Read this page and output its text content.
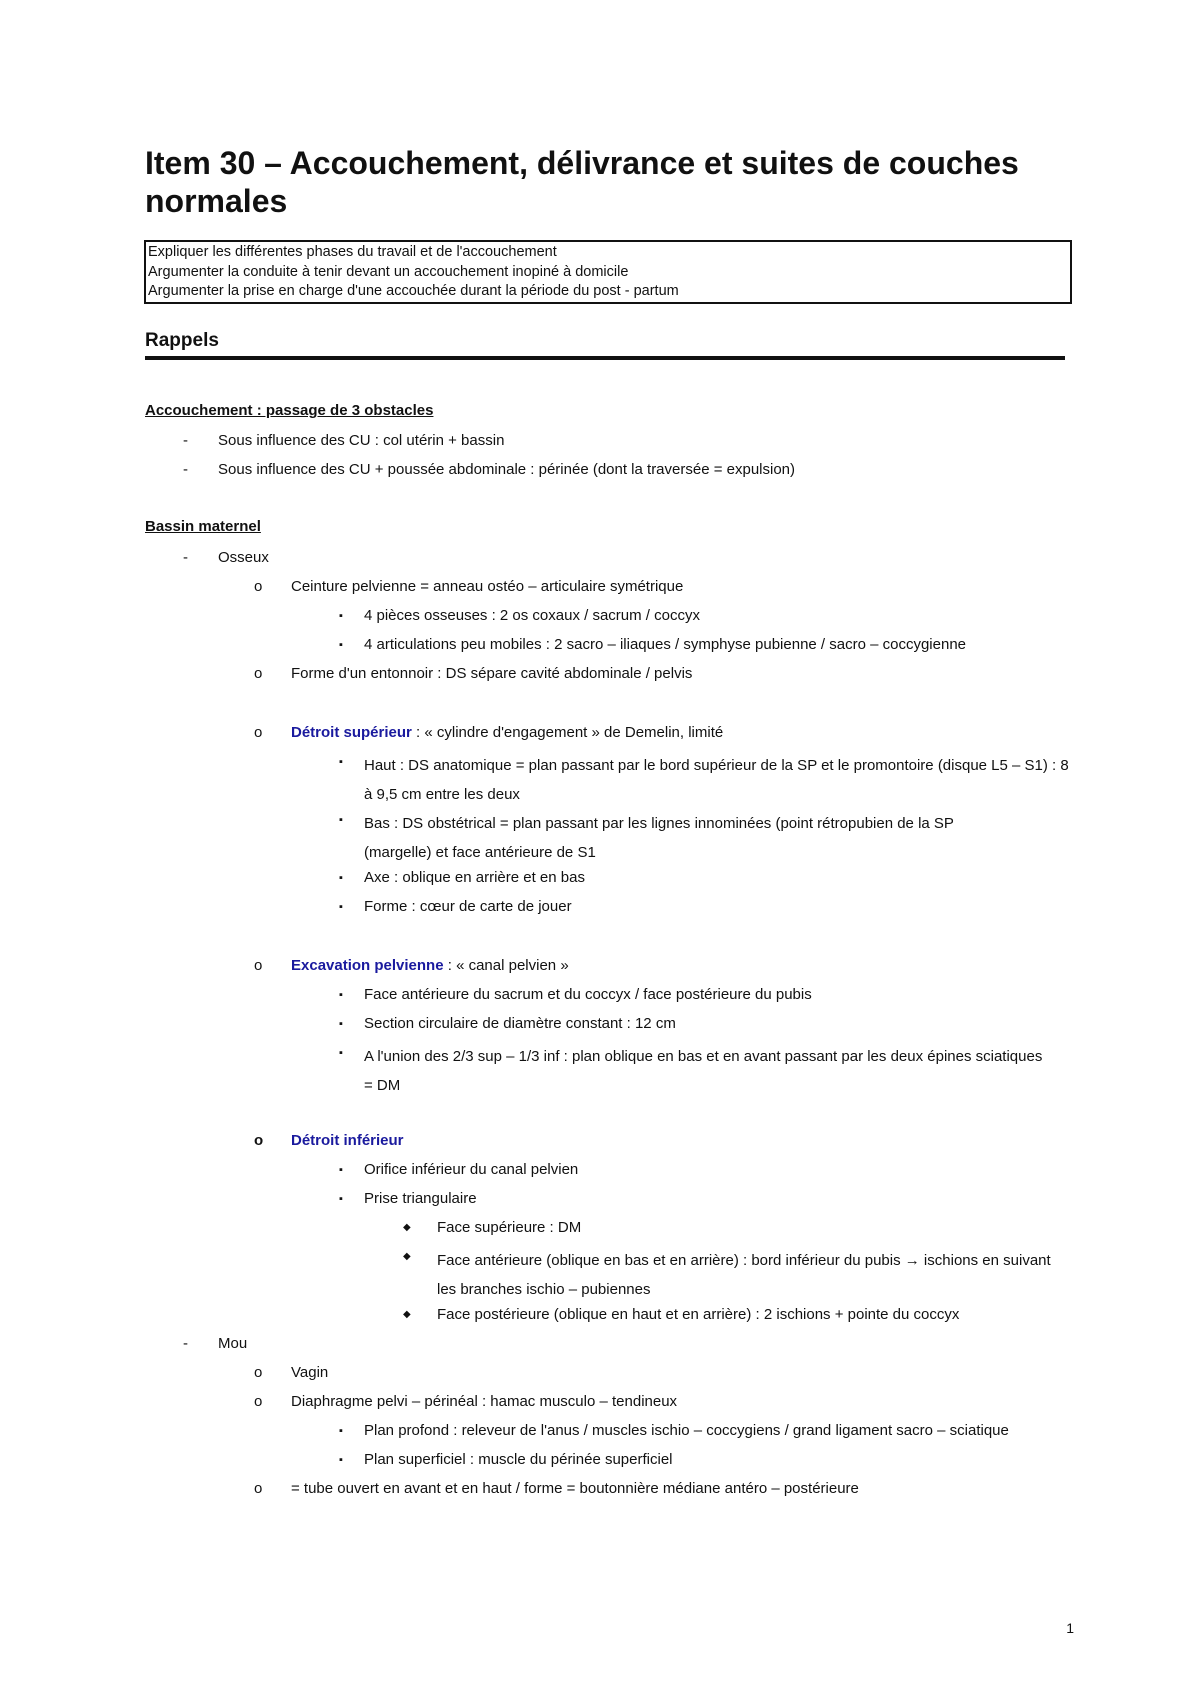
Item 30 – Accouchement, délivrance et suites de couches normales
Expliquer les différentes phases du travail et de l'accouchement
Argumenter la conduite à tenir devant un accouchement inopiné à domicile
Argumenter la prise en charge d'une accouchée durant la période du post - partum
Rappels
Accouchement : passage de 3 obstacles
- Sous influence des CU : col utérin + bassin
- Sous influence des CU + poussée abdominale : périnée (dont la traversée = expulsion)
Bassin maternel
- Osseux
o Ceinture pelvienne = anneau ostéo – articulaire symétrique
▪ 4 pièces osseuses : 2 os coxaux / sacrum / coccyx
▪ 4 articulations peu mobiles : 2 sacro – iliaques / symphyse pubienne / sacro – coccygienne
o Forme d'un entonnoir : DS sépare cavité abdominale / pelvis
o Détroit supérieur : « cylindre d'engagement » de Demelin, limité
▪ Haut : DS anatomique = plan passant par le bord supérieur de la SP et le promontoire (disque L5 – S1) : 8 à 9,5 cm entre les deux
▪ Bas : DS obstétrical = plan passant par les lignes innominées (point rétropubien de la SP (margelle) et face antérieure de S1
▪ Axe : oblique en arrière et en bas
▪ Forme : cœur de carte de jouer
o Excavation pelvienne : « canal pelvien »
▪ Face antérieure du sacrum et du coccyx / face postérieure du pubis
▪ Section circulaire de diamètre constant : 12 cm
▪ A l'union des 2/3 sup – 1/3 inf : plan oblique en bas et en avant passant par les deux épines sciatiques = DM
o Détroit inférieur
▪ Orifice inférieur du canal pelvien
▪ Prise triangulaire
◆ Face supérieure : DM
◆ Face antérieure (oblique en bas et en arrière) : bord inférieur du pubis → ischions en suivant les branches ischio – pubiennes
◆ Face postérieure (oblique en haut et en arrière) : 2 ischions + pointe du coccyx
- Mou
o Vagin
o Diaphragme pelvi – périnéal : hamac musculo – tendineux
▪ Plan profond : releveur de l'anus / muscles ischio – coccygiens / grand ligament sacro – sciatique
▪ Plan superficiel : muscle du périnée superficiel
o = tube ouvert en avant et en haut / forme = boutonnière médiane antéro – postérieure
1
